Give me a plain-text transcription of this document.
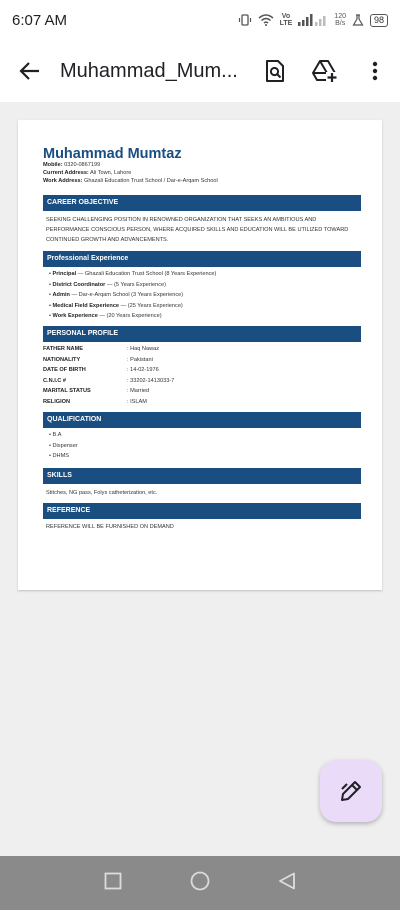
6:07 AM	Vo
LTE
120
B/s	98
Muhammad_Mum...
Muhammad Mumtaz
Mobile: 0320-0867199
Current Address: Ali Town, Lahore
Work Address: Ghazali Education Trust School / Dar-e-Arqam School
CAREER OBJECTIVE
SEEKING CHALLENGING POSITION IN RENOWNED ORGANIZATION THAT SEEKS AN AMBITIOUS AND PERFORMANCE CONSCIOUS PERSON, WHERE ACQUIRED SKILLS AND EDUCATION WILL BE UTILIZED TOWARD CONTINUED GROWTH AND ADVANCEMENTS.
Professional Experience
• Principal — Ghazali Education Trust School (8 Years Experience)
• District Coordinator — (5 Years Experience)
• Admin — Dar-e-Arqam School (3 Years Experience)
• Medical Field Experience — (25 Years Experience)
• Work Experience — (20 Years Experience)
PERSONAL PROFILE
FATHER NAME	: Haq Nawaz
NATIONALITY	: Pakistani
DATE OF BIRTH	: 14-02-1976
C.N.I.C #	: 33202-1413033-7
MARITAL STATUS	: Married
RELIGION	: ISLAM
QUALIFICATION
• B.A
• Dispenser
• DHMS
SKILLS
Stitches, NG pass, Folys catheterization, etc.
REFERENCE
REFERENCE WILL BE FURNISHED ON DEMAND
